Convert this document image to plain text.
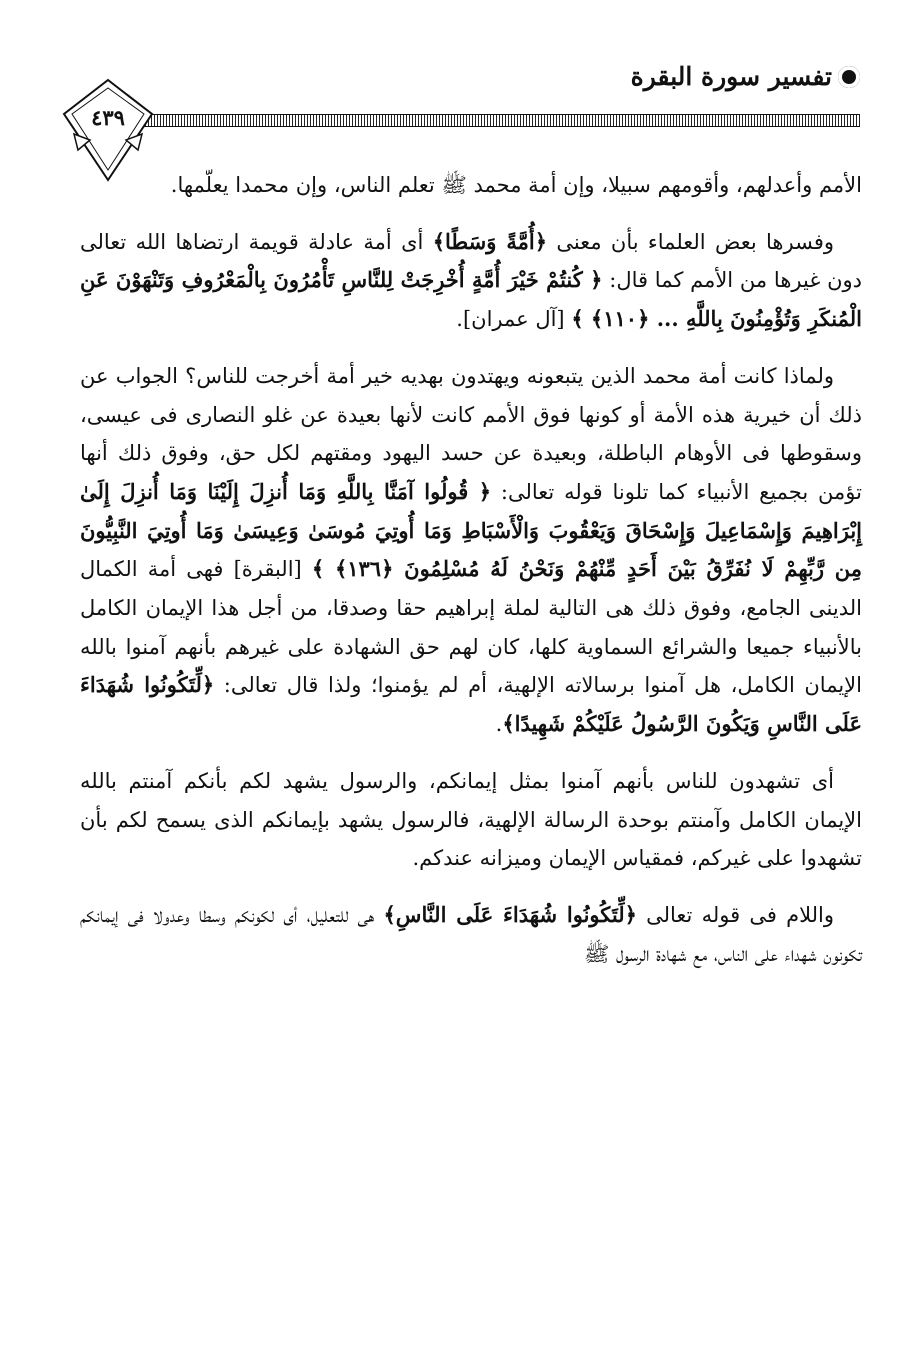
تفسير سورة البقرة
٤٣٩

الأمم وأعدلهم، وأقومهم سبيلا، وإن أمة محمد ﷺ تعلم الناس، وإن محمدا يعلّمها.

وفسرها بعض العلماء بأن معنى ﴿أُمَّةً وَسَطًا﴾ أى أمة عادلة قويمة ارتضاها الله تعالى دون غيرها من الأمم كما قال: ﴿ كُنتُمْ خَيْرَ أُمَّةٍ أُخْرِجَتْ لِلنَّاسِ تَأْمُرُونَ بِالْمَعْرُوفِ وَتَنْهَوْنَ عَنِ الْمُنكَرِ وَتُؤْمِنُونَ بِاللَّهِ ... ﴿١١٠﴾ ﴾ [آل عمران].

ولماذا كانت أمة محمد الذين يتبعونه ويهتدون بهديه خير أمة أخرجت للناس؟ الجواب عن ذلك أن خيرية هذه الأمة أو كونها فوق الأمم كانت لأنها بعيدة عن غلو النصارى فى عيسى، وسقوطها فى الأوهام الباطلة، وبعيدة عن حسد اليهود ومقتهم لكل حق، وفوق ذلك أنها تؤمن بجميع الأنبياء كما تلونا قوله تعالى: ﴿ قُولُوا آمَنَّا بِاللَّهِ وَمَا أُنزِلَ إِلَيْنَا وَمَا أُنزِلَ إِلَىٰ إِبْرَاهِيمَ وَإِسْمَاعِيلَ وَإِسْحَاقَ وَيَعْقُوبَ وَالْأَسْبَاطِ وَمَا أُوتِيَ مُوسَىٰ وَعِيسَىٰ وَمَا أُوتِيَ النَّبِيُّونَ مِن رَّبِّهِمْ لَا نُفَرِّقُ بَيْنَ أَحَدٍ مِّنْهُمْ وَنَحْنُ لَهُ مُسْلِمُونَ ﴿١٣٦﴾ ﴾ [البقرة] فهى أمة الكمال الدينى الجامع، وفوق ذلك هى التالية لملة إبراهيم حقا وصدقا، من أجل هذا الإيمان الكامل بالأنبياء جميعا والشرائع السماوية كلها، كان لهم حق الشهادة على غيرهم بأنهم آمنوا بالله الإيمان الكامل، هل آمنوا برسالاته الإلهية، أم لم يؤمنوا؛ ولذا قال تعالى: ﴿لِّتَكُونُوا شُهَدَاءَ عَلَى النَّاسِ وَيَكُونَ الرَّسُولُ عَلَيْكُمْ شَهِيدًا﴾.

أى تشهدون للناس بأنهم آمنوا بمثل إيمانكم، والرسول يشهد لكم بأنكم آمنتم بالله الإيمان الكامل وآمنتم بوحدة الرسالة الإلهية، فالرسول يشهد بإيمانكم الذى يسمح لكم بأن تشهدوا على غيركم، فمقياس الإيمان وميزانه عندكم.

واللام فى قوله تعالى ﴿لِّتَكُونُوا شُهَدَاءَ عَلَى النَّاسِ﴾ هى للتعليل، أى لكونكم وسطا وعدولا فى إيمانكم تكونون شهداء على الناس، مع شهادة الرسول ﷺ
